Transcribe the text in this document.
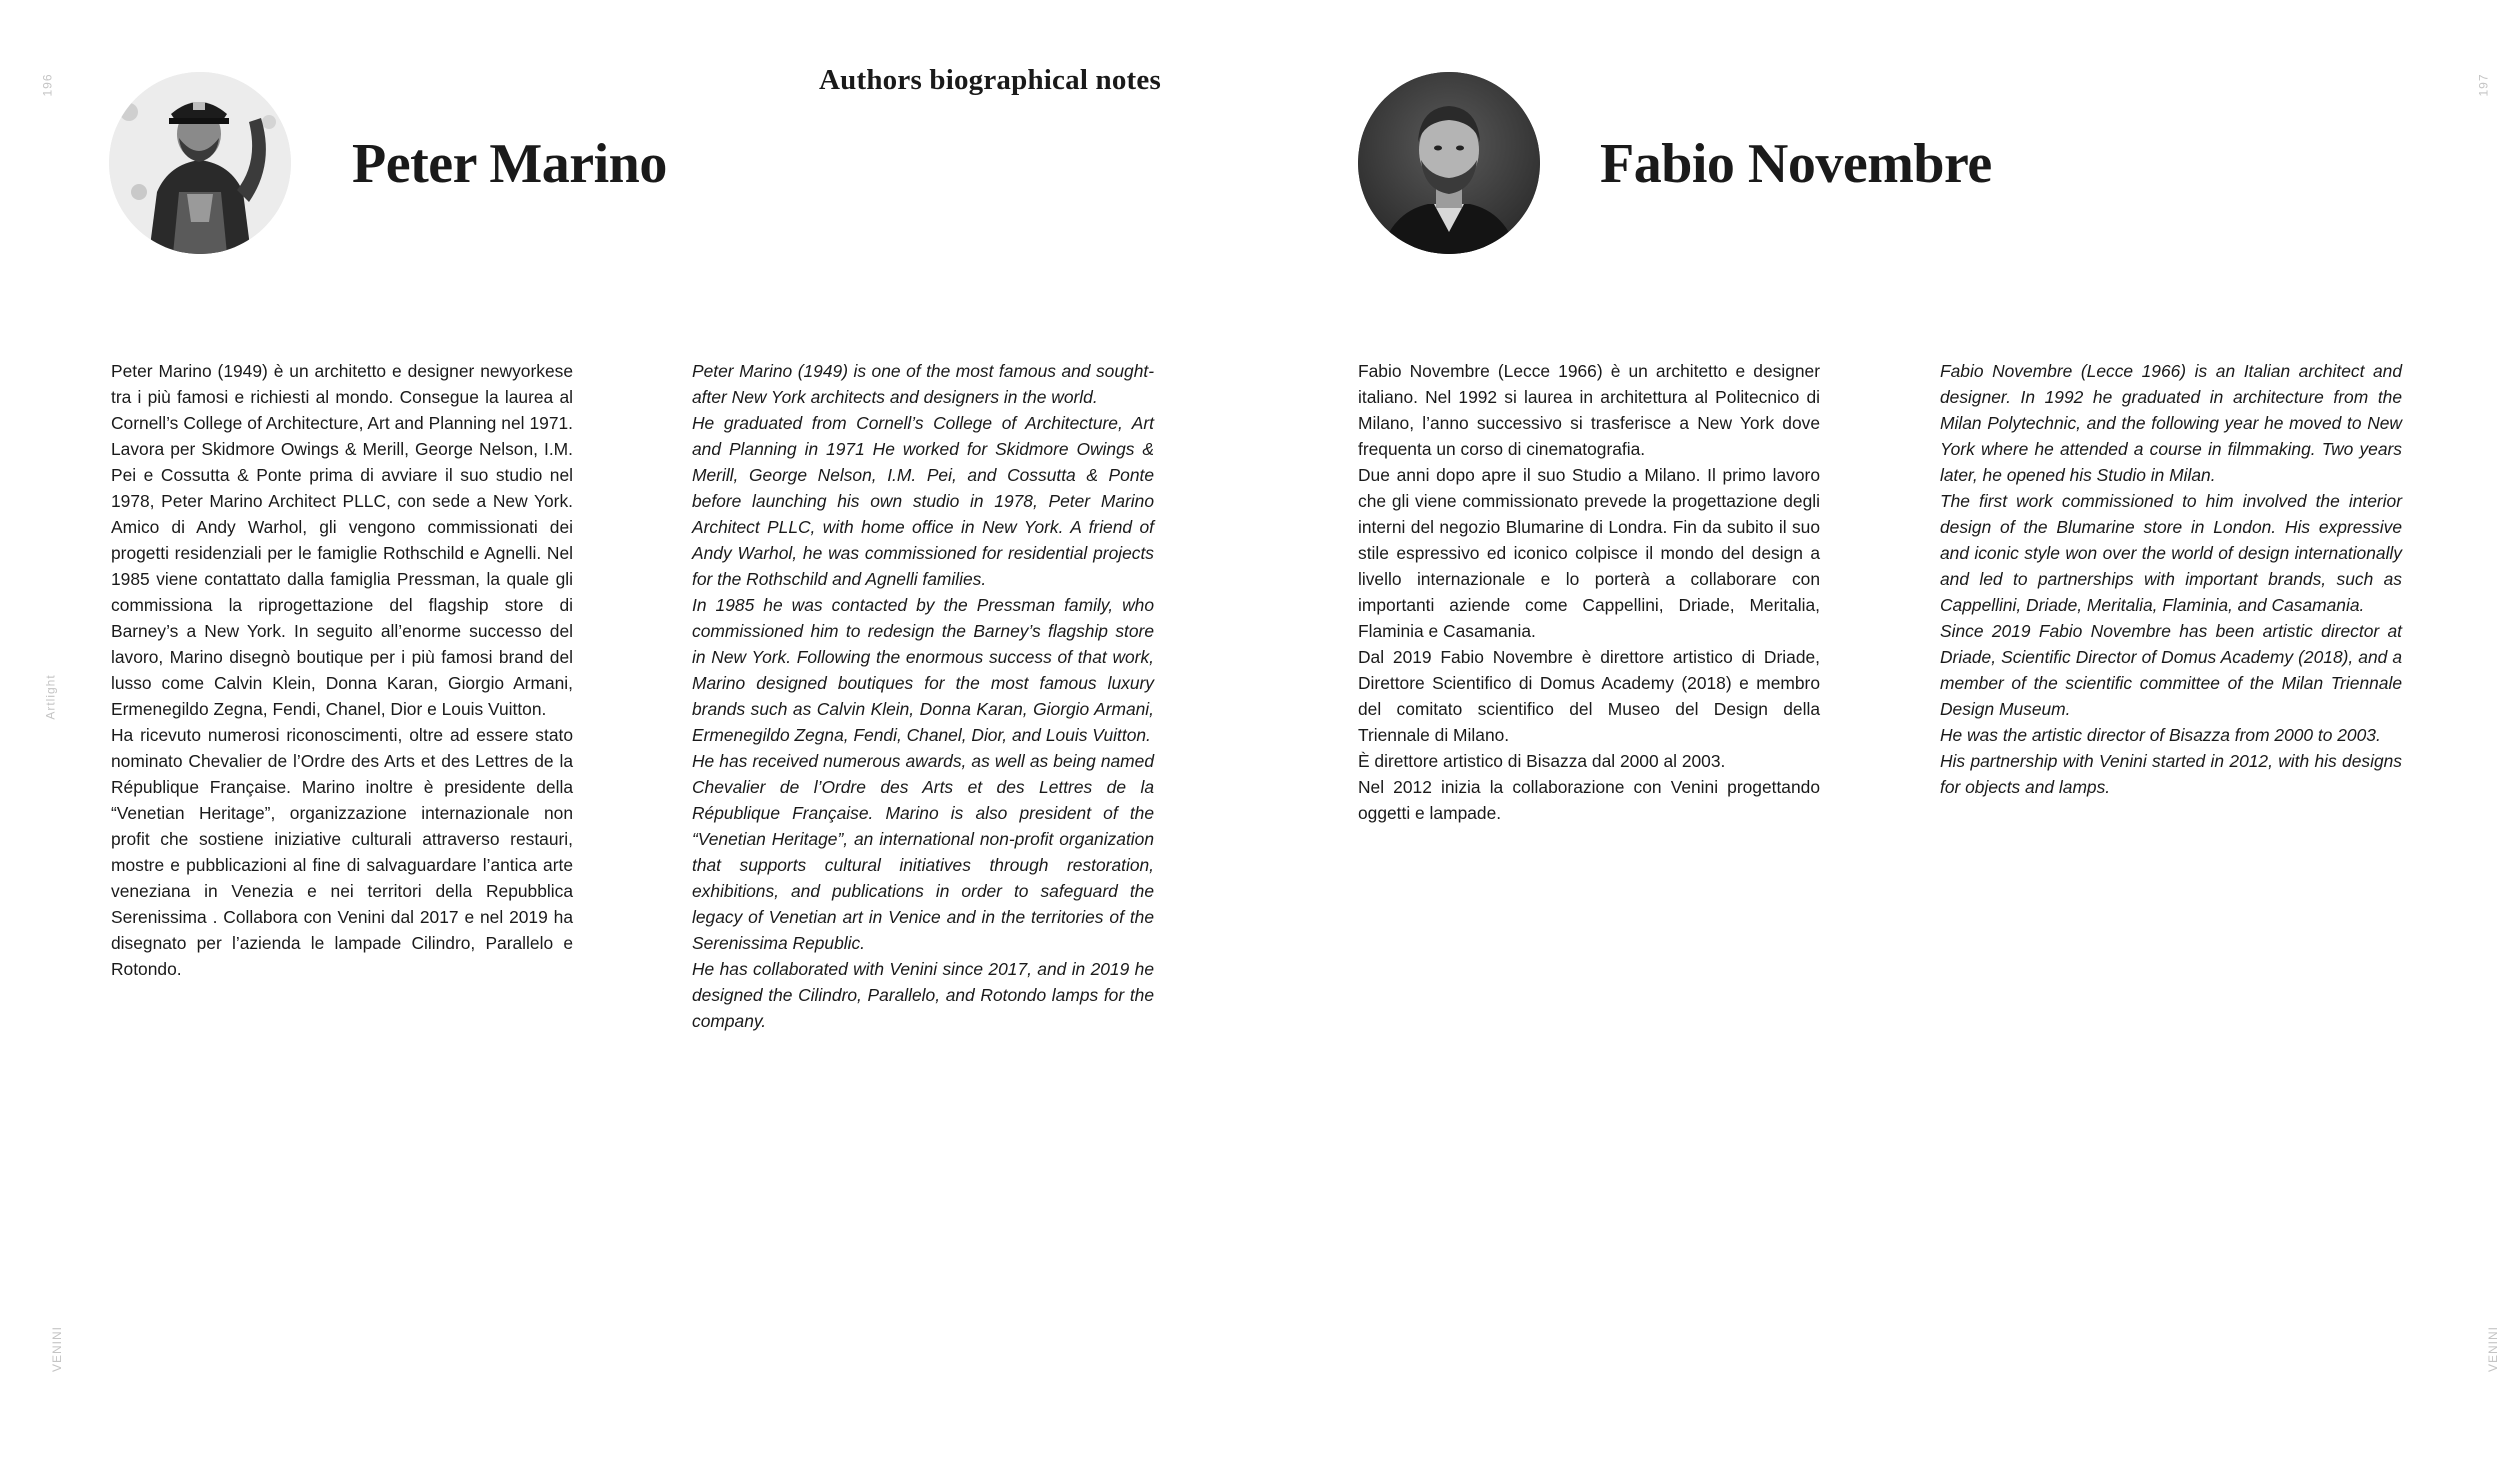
196
Artlight
VENINI
197
VENINI
Authors biographical notes
Peter Marino	Fabio Novembre

Peter Marino (1949) è un architetto e designer newyorkese tra i più famosi e richiesti al mondo. Consegue la laurea al Cornell’s College of Architecture, Art and Planning nel 1971. Lavora per Skidmore Owings & Merill, George Nelson, I.M. Pei e Cossutta & Ponte prima di avviare il suo studio nel 1978, Peter Marino Architect PLLC, con sede a New York. Amico di Andy Warhol, gli vengono commissionati dei progetti residenziali per le famiglie Rothschild e Agnelli. Nel 1985 viene contattato dalla famiglia Pressman, la quale gli commissiona la riprogettazione del flagship store di Barney’s a New York. In seguito all’enorme successo del lavoro, Marino disegnò boutique per i più famosi brand del lusso come Calvin Klein, Donna Karan, Giorgio Armani, Ermenegildo Zegna, Fendi, Chanel, Dior e Louis Vuitton.

Ha ricevuto numerosi riconoscimenti, oltre ad essere stato nominato Chevalier de l’Ordre des Arts et des Lettres de la République Française. Marino inoltre è presidente della “Venetian Heritage”, organizzazione internazionale non profit che sostiene iniziative culturali attraverso restauri, mostre e pubblicazioni al fine di salvaguardare l’antica arte veneziana in Venezia e nei territori della Repubblica Serenissima . Collabora con Venini dal 2017 e nel 2019 ha disegnato per l’azienda le lampade Cilindro, Parallelo e Rotondo.

Peter Marino (1949) is one of the most famous and sought-after New York architects and designers in the world.

He graduated from Cornell’s College of Architecture, Art and Planning in 1971 He worked for Skidmore Owings & Merill, George Nelson, I.M. Pei, and Cossutta & Ponte before launching his own studio in 1978, Peter Marino Architect PLLC, with home office in New York. A friend of Andy Warhol, he was commissioned for residential projects for the Rothschild and Agnelli families.

In 1985 he was contacted by the Pressman family, who commissioned him to redesign the Barney’s flagship store in New York. Following the enormous success of that work, Marino designed boutiques for the most famous luxury brands such as Calvin Klein, Donna Karan, Giorgio Armani, Ermenegildo Zegna, Fendi, Chanel, Dior, and Louis Vuitton.

He has received numerous awards, as well as being named Chevalier de l’Ordre des Arts et des Lettres de la République Française. Marino is also president of the “Venetian Heritage”, an international non-profit organization that supports cultural initiatives through restoration, exhibitions, and publications in order to safeguard the legacy of Venetian art in Venice and in the territories of the Serenissima Republic.

He has collaborated with Venini since 2017, and in 2019 he designed the Cilindro, Parallelo, and Rotondo lamps for the company.

Fabio Novembre (Lecce 1966) è un architetto e designer italiano. Nel 1992 si laurea in architettura al Politecnico di Milano, l’anno successivo si trasferisce a New York dove frequenta un corso di cinematografia.

Due anni dopo apre il suo Studio a Milano. Il primo lavoro che gli viene commissionato prevede la progettazione degli interni del negozio Blumarine di Londra. Fin da subito il suo stile espressivo ed iconico colpisce il mondo del design a livello internazionale e lo porterà a collaborare con importanti aziende come Cappellini, Driade, Meritalia, Flaminia e Casamania.

Dal 2019 Fabio Novembre è direttore artistico di Driade, Direttore Scientifico di Domus Academy (2018) e membro del comitato scientifico del Museo del Design della Triennale di Milano.

È direttore artistico di Bisazza dal 2000 al 2003.

Nel 2012 inizia la collaborazione con Venini progettando oggetti e lampade.

Fabio Novembre (Lecce 1966) is an Italian architect and designer. In 1992 he graduated in architecture from the Milan Polytechnic, and the following year he moved to New York where he attended a course in filmmaking. Two years later, he opened his Studio in Milan.

The first work commissioned to him involved the interior design of the Blumarine store in London. His expressive and iconic style won over the world of design internationally and led to partnerships with important brands, such as Cappellini, Driade, Meritalia, Flaminia, and Casamania.

Since 2019 Fabio Novembre has been artistic director at Driade, Scientific Director of Domus Academy (2018), and a member of the scientific committee of the Milan Triennale Design Museum.

He was the artistic director of Bisazza from 2000 to 2003.

His partnership with Venini started in 2012, with his designs for objects and lamps.
